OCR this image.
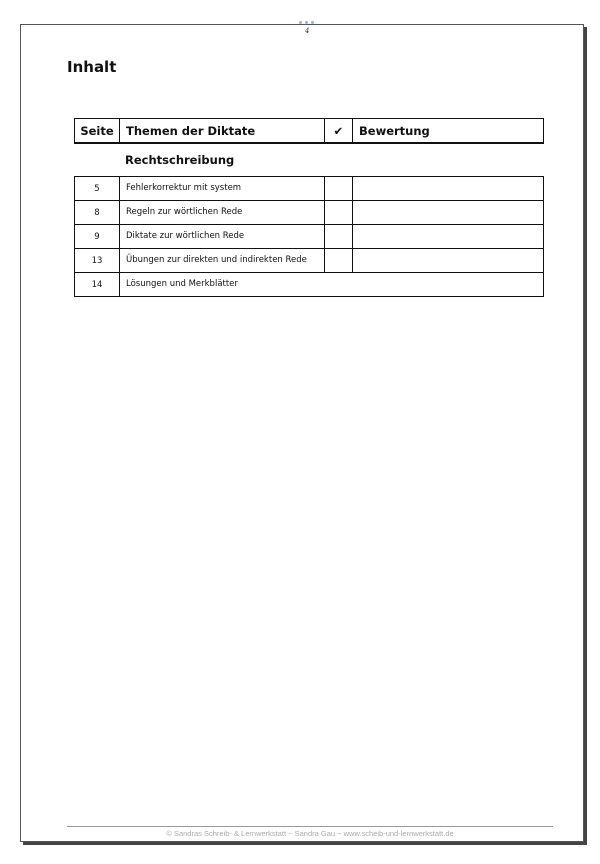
4
Inhalt
Seite	Themen der Diktate	✔	Bewertung
Rechtschreibung
5	Fehlerkorrektur mit system
8	Regeln zur wörtlichen Rede
9	Diktate zur wörtlichen Rede
13	Übungen zur direkten und indirekten Rede
14	Lösungen und Merkblätter
© Sandras Schreib- & Lernwerkstatt ~ Sandra Gau ~ www.scheib-und-lernwerkstatt.de
